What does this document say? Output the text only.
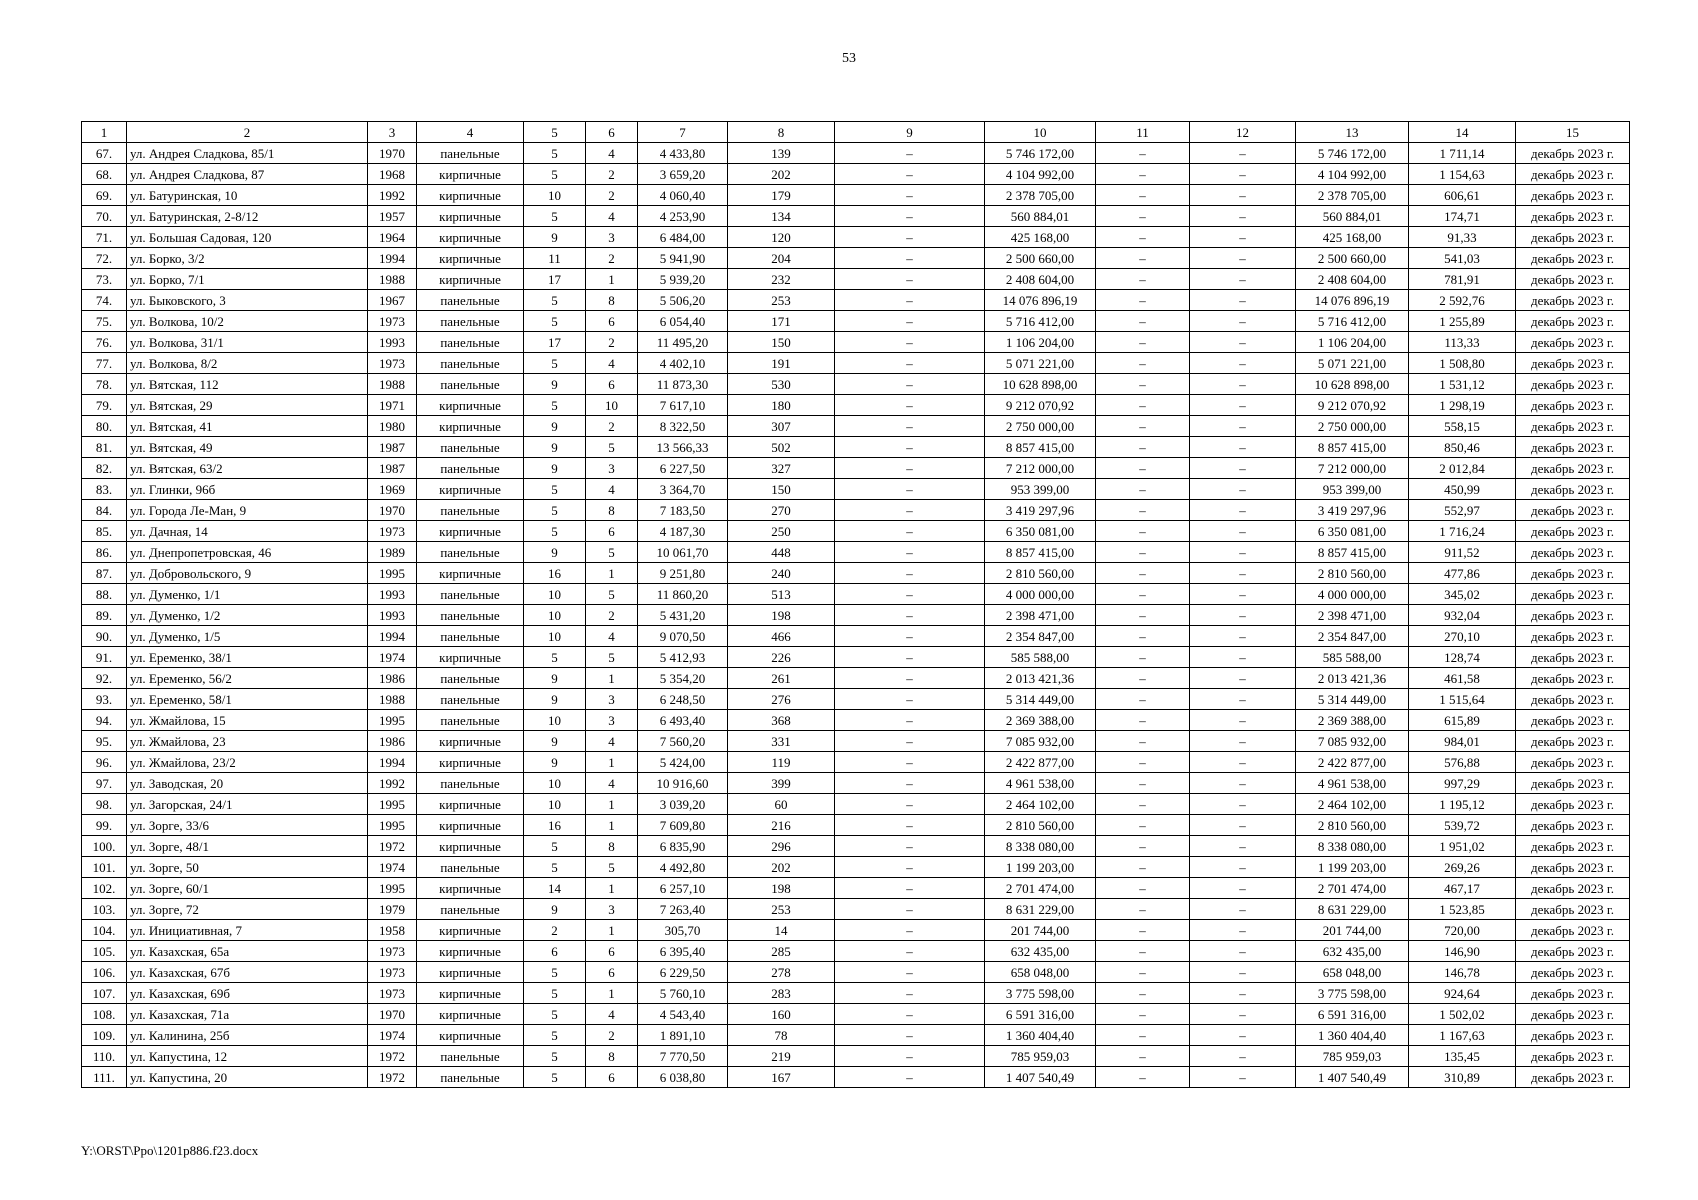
53
1	2	3	4	5	6	7	8	9	10	11	12	13	14	15
67.	ул. Андрея Сладкова, 85/1	1970	панельные	5	4	4 433,80	139	–	5 746 172,00	–	–	5 746 172,00	1 711,14	декабрь 2023 г.
68.	ул. Андрея Сладкова, 87	1968	кирпичные	5	2	3 659,20	202	–	4 104 992,00	–	–	4 104 992,00	1 154,63	декабрь 2023 г.
69.	ул. Батуринская, 10	1992	кирпичные	10	2	4 060,40	179	–	2 378 705,00	–	–	2 378 705,00	606,61	декабрь 2023 г.
70.	ул. Батуринская, 2-8/12	1957	кирпичные	5	4	4 253,90	134	–	560 884,01	–	–	560 884,01	174,71	декабрь 2023 г.
71.	ул. Большая Садовая, 120	1964	кирпичные	9	3	6 484,00	120	–	425 168,00	–	–	425 168,00	91,33	декабрь 2023 г.
72.	ул. Борко, 3/2	1994	кирпичные	11	2	5 941,90	204	–	2 500 660,00	–	–	2 500 660,00	541,03	декабрь 2023 г.
73.	ул. Борко, 7/1	1988	кирпичные	17	1	5 939,20	232	–	2 408 604,00	–	–	2 408 604,00	781,91	декабрь 2023 г.
74.	ул. Быковского, 3	1967	панельные	5	8	5 506,20	253	–	14 076 896,19	–	–	14 076 896,19	2 592,76	декабрь 2023 г.
75.	ул. Волкова, 10/2	1973	панельные	5	6	6 054,40	171	–	5 716 412,00	–	–	5 716 412,00	1 255,89	декабрь 2023 г.
76.	ул. Волкова, 31/1	1993	панельные	17	2	11 495,20	150	–	1 106 204,00	–	–	1 106 204,00	113,33	декабрь 2023 г.
77.	ул. Волкова, 8/2	1973	панельные	5	4	4 402,10	191	–	5 071 221,00	–	–	5 071 221,00	1 508,80	декабрь 2023 г.
78.	ул. Вятская, 112	1988	панельные	9	6	11 873,30	530	–	10 628 898,00	–	–	10 628 898,00	1 531,12	декабрь 2023 г.
79.	ул. Вятская, 29	1971	кирпичные	5	10	7 617,10	180	–	9 212 070,92	–	–	9 212 070,92	1 298,19	декабрь 2023 г.
80.	ул. Вятская, 41	1980	кирпичные	9	2	8 322,50	307	–	2 750 000,00	–	–	2 750 000,00	558,15	декабрь 2023 г.
81.	ул. Вятская, 49	1987	панельные	9	5	13 566,33	502	–	8 857 415,00	–	–	8 857 415,00	850,46	декабрь 2023 г.
82.	ул. Вятская, 63/2	1987	панельные	9	3	6 227,50	327	–	7 212 000,00	–	–	7 212 000,00	2 012,84	декабрь 2023 г.
83.	ул. Глинки, 96б	1969	кирпичные	5	4	3 364,70	150	–	953 399,00	–	–	953 399,00	450,99	декабрь 2023 г.
84.	ул. Города Ле-Ман, 9	1970	панельные	5	8	7 183,50	270	–	3 419 297,96	–	–	3 419 297,96	552,97	декабрь 2023 г.
85.	ул. Дачная, 14	1973	кирпичные	5	6	4 187,30	250	–	6 350 081,00	–	–	6 350 081,00	1 716,24	декабрь 2023 г.
86.	ул. Днепропетровская, 46	1989	панельные	9	5	10 061,70	448	–	8 857 415,00	–	–	8 857 415,00	911,52	декабрь 2023 г.
87.	ул. Добровольского, 9	1995	кирпичные	16	1	9 251,80	240	–	2 810 560,00	–	–	2 810 560,00	477,86	декабрь 2023 г.
88.	ул. Думенко, 1/1	1993	панельные	10	5	11 860,20	513	–	4 000 000,00	–	–	4 000 000,00	345,02	декабрь 2023 г.
89.	ул. Думенко, 1/2	1993	панельные	10	2	5 431,20	198	–	2 398 471,00	–	–	2 398 471,00	932,04	декабрь 2023 г.
90.	ул. Думенко, 1/5	1994	панельные	10	4	9 070,50	466	–	2 354 847,00	–	–	2 354 847,00	270,10	декабрь 2023 г.
91.	ул. Еременко, 38/1	1974	кирпичные	5	5	5 412,93	226	–	585 588,00	–	–	585 588,00	128,74	декабрь 2023 г.
92.	ул. Еременко, 56/2	1986	панельные	9	1	5 354,20	261	–	2 013 421,36	–	–	2 013 421,36	461,58	декабрь 2023 г.
93.	ул. Еременко, 58/1	1988	панельные	9	3	6 248,50	276	–	5 314 449,00	–	–	5 314 449,00	1 515,64	декабрь 2023 г.
94.	ул. Жмайлова, 15	1995	панельные	10	3	6 493,40	368	–	2 369 388,00	–	–	2 369 388,00	615,89	декабрь 2023 г.
95.	ул. Жмайлова, 23	1986	кирпичные	9	4	7 560,20	331	–	7 085 932,00	–	–	7 085 932,00	984,01	декабрь 2023 г.
96.	ул. Жмайлова, 23/2	1994	кирпичные	9	1	5 424,00	119	–	2 422 877,00	–	–	2 422 877,00	576,88	декабрь 2023 г.
97.	ул. Заводская, 20	1992	панельные	10	4	10 916,60	399	–	4 961 538,00	–	–	4 961 538,00	997,29	декабрь 2023 г.
98.	ул. Загорская, 24/1	1995	кирпичные	10	1	3 039,20	60	–	2 464 102,00	–	–	2 464 102,00	1 195,12	декабрь 2023 г.
99.	ул. Зорге, 33/6	1995	кирпичные	16	1	7 609,80	216	–	2 810 560,00	–	–	2 810 560,00	539,72	декабрь 2023 г.
100.	ул. Зорге, 48/1	1972	кирпичные	5	8	6 835,90	296	–	8 338 080,00	–	–	8 338 080,00	1 951,02	декабрь 2023 г.
101.	ул. Зорге, 50	1974	панельные	5	5	4 492,80	202	–	1 199 203,00	–	–	1 199 203,00	269,26	декабрь 2023 г.
102.	ул. Зорге, 60/1	1995	кирпичные	14	1	6 257,10	198	–	2 701 474,00	–	–	2 701 474,00	467,17	декабрь 2023 г.
103.	ул. Зорге, 72	1979	панельные	9	3	7 263,40	253	–	8 631 229,00	–	–	8 631 229,00	1 523,85	декабрь 2023 г.
104.	ул. Инициативная, 7	1958	кирпичные	2	1	305,70	14	–	201 744,00	–	–	201 744,00	720,00	декабрь 2023 г.
105.	ул. Казахская, 65а	1973	кирпичные	6	6	6 395,40	285	–	632 435,00	–	–	632 435,00	146,90	декабрь 2023 г.
106.	ул. Казахская, 67б	1973	кирпичные	5	6	6 229,50	278	–	658 048,00	–	–	658 048,00	146,78	декабрь 2023 г.
107.	ул. Казахская, 69б	1973	кирпичные	5	1	5 760,10	283	–	3 775 598,00	–	–	3 775 598,00	924,64	декабрь 2023 г.
108.	ул. Казахская, 71а	1970	кирпичные	5	4	4 543,40	160	–	6 591 316,00	–	–	6 591 316,00	1 502,02	декабрь 2023 г.
109.	ул. Калинина, 25б	1974	кирпичные	5	2	1 891,10	78	–	1 360 404,40	–	–	1 360 404,40	1 167,63	декабрь 2023 г.
110.	ул. Капустина, 12	1972	панельные	5	8	7 770,50	219	–	785 959,03	–	–	785 959,03	135,45	декабрь 2023 г.
111.	ул. Капустина, 20	1972	панельные	5	6	6 038,80	167	–	1 407 540,49	–	–	1 407 540,49	310,89	декабрь 2023 г.
Y:\ORST\Ppo\1201p886.f23.docx
